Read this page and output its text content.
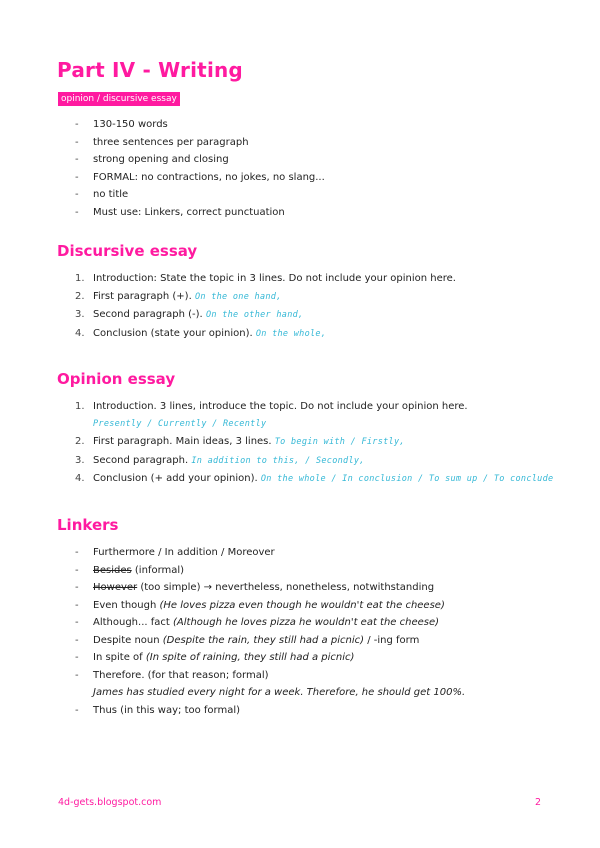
Part IV - Writing
opinion / discursive essay
- 130-150 words
- three sentences per paragraph
- strong opening and closing
- FORMAL: no contractions, no jokes, no slang...
- no title
- Must use: Linkers, correct punctuation
Discursive essay
1. Introduction: State the topic in 3 lines. Do not include your opinion here.
2. First paragraph (+). On the one hand,
3. Second paragraph (-). On the other hand,
4. Conclusion (state your opinion). On the whole,
Opinion essay
1. Introduction. 3 lines, introduce the topic. Do not include your opinion here.
Presently / Currently / Recently
2. First paragraph. Main ideas, 3 lines. To begin with / Firstly,
3. Second paragraph. In addition to this, / Secondly,
4. Conclusion (+ add your opinion). On the whole / In conclusion / To sum up / To conclude
Linkers
- Furthermore / In addition / Moreover
- Besides (informal)
- However (too simple) → nevertheless, nonetheless, notwithstanding
- Even though (He loves pizza even though he wouldn't eat the cheese)
- Although... fact (Although he loves pizza he wouldn't eat the cheese)
- Despite noun (Despite the rain, they still had a picnic) / -ing form
- In spite of (In spite of raining, they still had a picnic)
- Therefore. (for that reason; formal)
James has studied every night for a week. Therefore, he should get 100%.
- Thus (in this way; too formal)
4d-gets.blogspot.com	2
